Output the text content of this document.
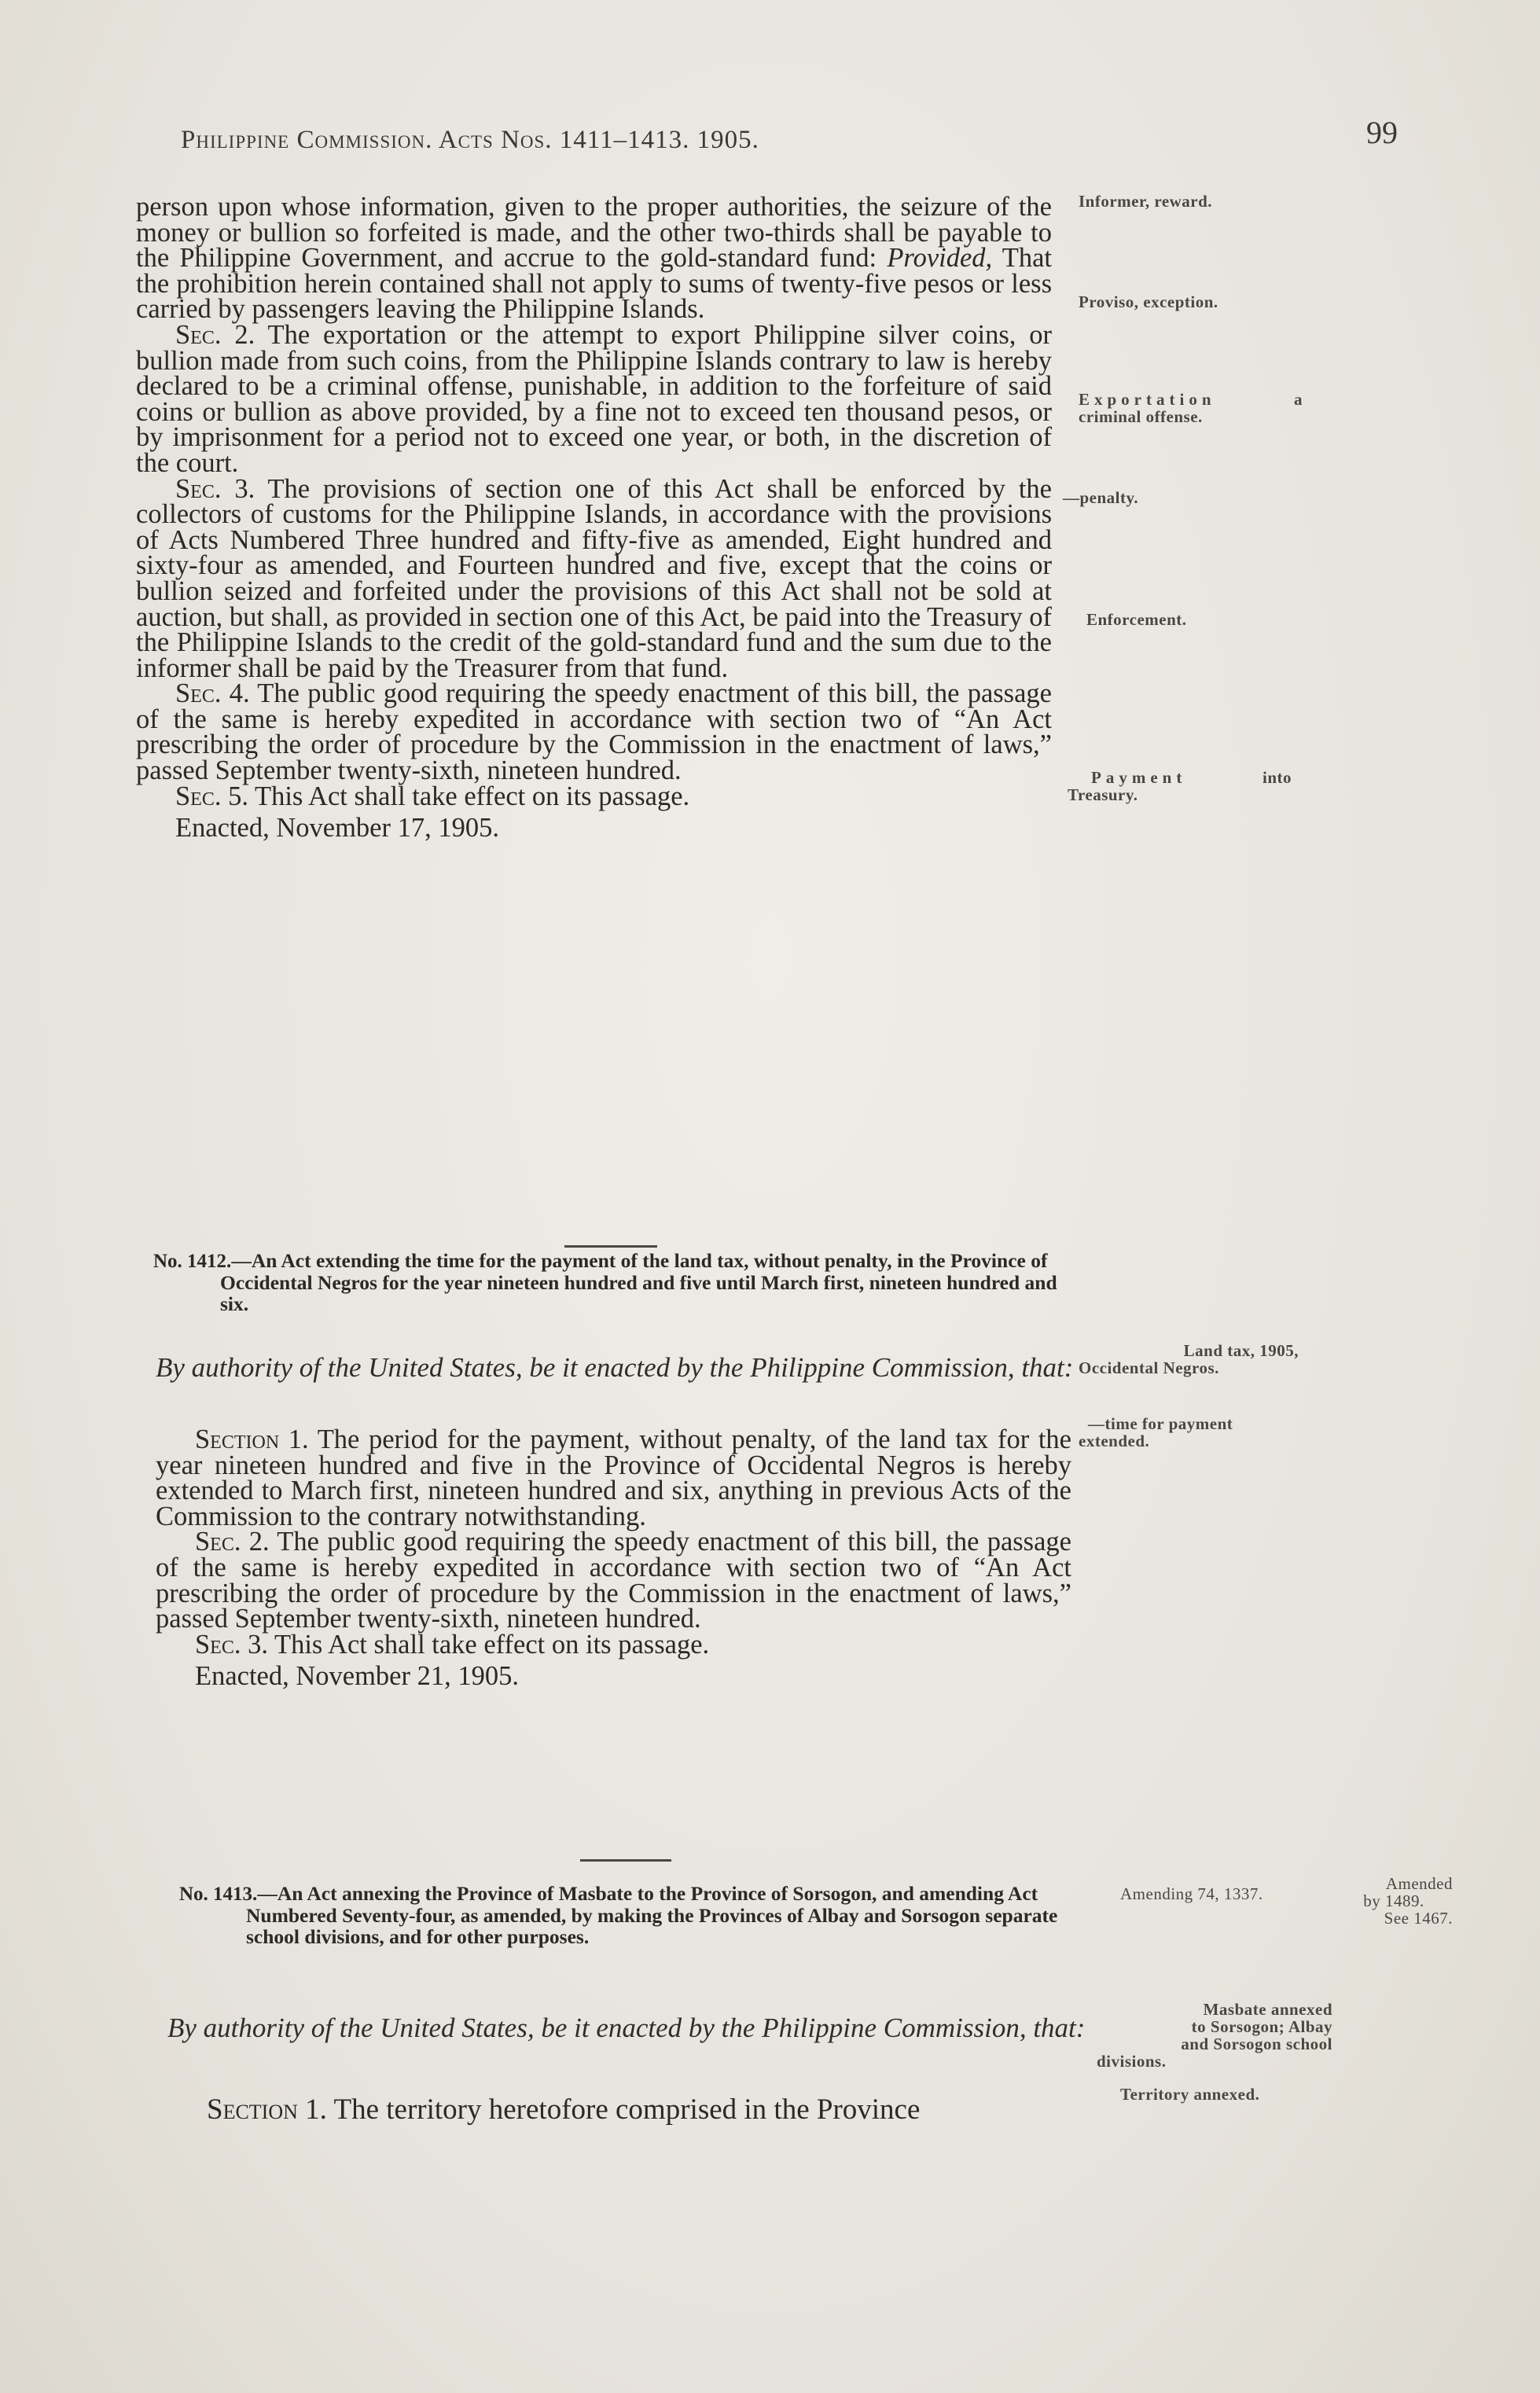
Philippine Commission. Acts Nos. 1411–1413. 1905.	99

person upon whose information, given to the proper authorities, the seizure of the money or bullion so forfeited is made, and the other two-thirds shall be payable to the Philippine Government, and accrue to the gold-standard fund: Provided, That the prohibition herein contained shall not apply to sums of twenty-five pesos or less carried by passengers leaving the Philippine Islands.

Sec. 2. The exportation or the attempt to export Philippine silver coins, or bullion made from such coins, from the Philippine Islands contrary to law is hereby declared to be a criminal offense, punishable, in addition to the forfeiture of said coins or bullion as above provided, by a fine not to exceed ten thousand pesos, or by imprisonment for a period not to exceed one year, or both, in the discretion of the court.

Sec. 3. The provisions of section one of this Act shall be enforced by the collectors of customs for the Philippine Islands, in accordance with the provisions of Acts Numbered Three hundred and fifty-five as amended, Eight hundred and sixty-four as amended, and Fourteen hundred and five, except that the coins or bullion seized and forfeited under the provisions of this Act shall not be sold at auction, but shall, as provided in section one of this Act, be paid into the Treasury of the Philippine Islands to the credit of the gold-standard fund and the sum due to the informer shall be paid by the Treasurer from that fund.

Sec. 4. The public good requiring the speedy enactment of this bill, the passage of the same is hereby expedited in accordance with section two of “An Act prescribing the order of procedure by the Commission in the enactment of laws,” passed September twenty-sixth, nineteen hundred.

Sec. 5. This Act shall take effect on its passage.

Enacted, November 17, 1905.

Informer, reward.
Proviso, exception.
Exportation	a
criminal offense.
—penalty.
Enforcement.
Payment	into
Treasury.
No. 1412.—An Act extending the time for the payment of the land tax, without penalty, in the Province of Occidental Negros for the year nineteen hundred and five until March first, nineteen hundred and six.
By authority of the United States, be it enacted by the Philippine Commission, that:

Section 1. The period for the payment, without penalty, of the land tax for the year nineteen hundred and five in the Province of Occidental Negros is hereby extended to March first, nineteen hundred and six, anything in previous Acts of the Commission to the contrary notwithstanding.

Sec. 2. The public good requiring the speedy enactment of this bill, the passage of the same is hereby expedited in accordance with section two of “An Act prescribing the order of procedure by the Commission in the enactment of laws,” passed September twenty-sixth, nineteen hundred.

Sec. 3. This Act shall take effect on its passage.

Enacted, November 21, 1905.

Land tax, 1905,
Occidental Negros.
—time for payment
extended.
No. 1413.—An Act annexing the Province of Masbate to the Province of Sorsogon, and amending Act Numbered Seventy-four, as amended, by making the Provinces of Albay and Sorsogon separate school divisions, and for other purposes.
By authority of the United States, be it enacted by the Philippine Commission, that:

Section 1. The territory heretofore comprised in the Province

Amending 74, 1337.
Amended
by 1489.
See 1467.
Masbate annexed
to Sorsogon; Albay
and Sorsogon school
divisions.
Territory annexed.
